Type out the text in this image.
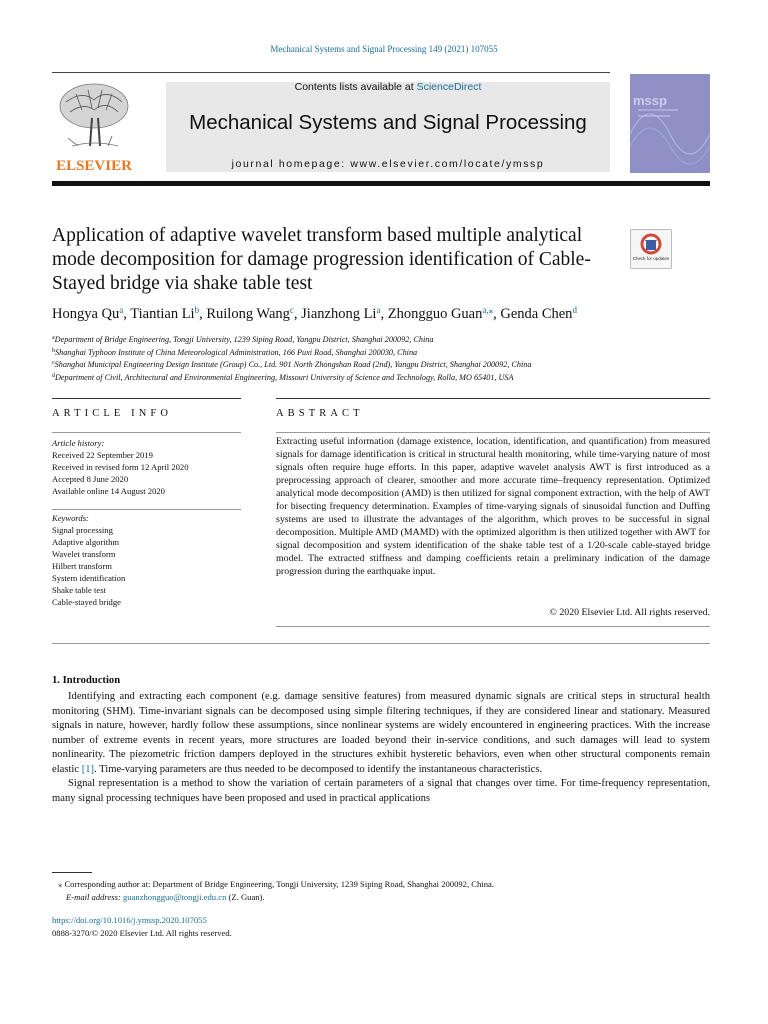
Mechanical Systems and Signal Processing 149 (2021) 107055
Contents lists available at ScienceDirect
Mechanical Systems and Signal Processing
journal homepage: www.elsevier.com/locate/ymssp
ELSEVIER
mssp
Application of adaptive wavelet transform based multiple analytical mode decomposition for damage progression identification of Cable-Stayed bridge via shake table test
Check for updates
Hongya Qu$^a$, Tiantian Li$^b$, Ruilong Wang$^c$, Jianzhong Li$^a$, Zhongguo Guan$^{a,⁎}$, Genda Chen$^d$
$^a$Department of Bridge Engineering, Tongji University, 1239 Siping Road, Yangpu District, Shanghai 200092, China
$^b$Shanghai Typhoon Institute of China Meteorological Administration, 166 Puxi Road, Shanghai 200030, China
$^c$Shanghai Municipal Engineering Design Institute (Group) Co., Ltd. 901 North Zhongshan Road (2nd), Yangpu District, Shanghai 200092, China
$^d$Department of Civil, Architectural and Environmental Engineering, Missouri University of Science and Technology, Rolla, MO 65401, USA
ARTICLE INFO	ABSTRACT
Article history:
Received 22 September 2019
Received in revised form 12 April 2020
Accepted 8 June 2020
Available online 14 August 2020
Keywords:
Signal processing
Adaptive algorithm
Wavelet transform
Hilbert transform
System identification
Shake table test
Cable-stayed bridge
Extracting useful information (damage existence, location, identification, and quantification) from measured signals for damage identification is critical in structural health monitoring, while time-varying nature of most signals often require huge efforts. In this paper, adaptive wavelet analysis AWT is first introduced as a preprocessing approach of clearer, smoother and more accurate time–frequency representation. Optimized analytical mode decomposition (AMD) is then utilized for signal component extraction, with the help of AWT for bisecting frequency determination. Examples of time-varying signals of sinusoidal function and Duffing systems are used to illustrate the advantages of the algorithm, which proves to be successful in signal decomposition. Multiple AMD (MAMD) with the optimized algorithm is then utilized together with AWT for signal decomposition and system identification of the shake table test of a 1/20-scale cable-stayed bridge model. The extracted stiffness and damping coefficients retain a preliminary indication of the damage progression during the earthquake input.
© 2020 Elsevier Ltd. All rights reserved.
1. Introduction

Identifying and extracting each component (e.g. damage sensitive features) from measured dynamic signals are critical steps in structural health monitoring (SHM). Time-invariant signals can be decomposed using simple filtering techniques, if they are considered linear and stationary. Measured signals in nature, however, hardly follow these assumptions, since nonlinear systems are widely encountered in engineering practices. With the increase number of extreme events in recent years, more structures are loaded beyond their in-service conditions, and such damages will lead to system nonlinearity. The piezometric friction dampers deployed in the structures exhibit hysteretic behaviors, even when other structural components remain elastic [1]. Time-varying parameters are thus needed to be decomposed to identify the instantaneous characteristics.

Signal representation is a method to show the variation of certain parameters of a signal that changes over time. For time-frequency representation, many signal processing techniques have been proposed and used in practical applications

⁎ Corresponding author at: Department of Bridge Engineering, Tongji University, 1239 Siping Road, Shanghai 200092, China.
E-mail address: guanzhongguo@tongji.edu.cn (Z. Guan).
https://doi.org/10.1016/j.ymssp.2020.107055
0888-3270/© 2020 Elsevier Ltd. All rights reserved.
